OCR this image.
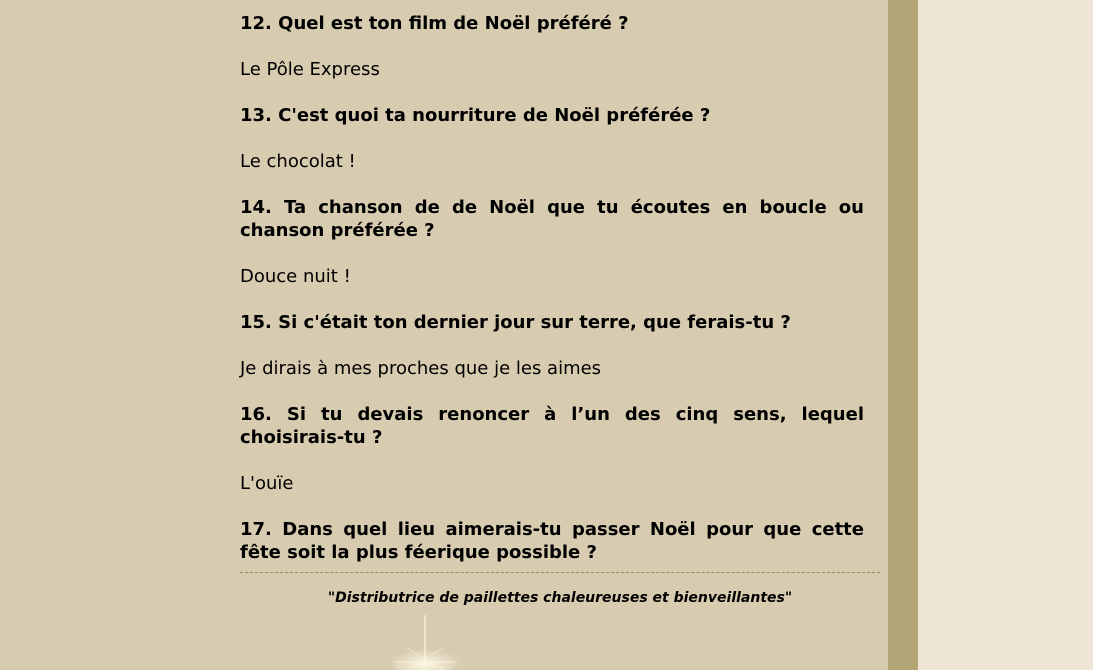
12. Quel est ton film de Noël préféré ?
Le Pôle Express
13. C'est quoi ta nourriture de Noël préférée ?
Le chocolat !
14. Ta chanson de de Noël que tu écoutes en boucle ou chanson préférée ?
Douce nuit !
15. Si c'était ton dernier jour sur terre, que ferais-tu ?
Je dirais à mes proches que je les aimes
16. Si tu devais renoncer à l’un des cinq sens, lequel choisirais-tu ?
L'ouïe
17. Dans quel lieu aimerais-tu passer Noël pour que cette fête soit la plus féerique possible ?
"Distributrice de paillettes chaleureuses et bienveillantes"
